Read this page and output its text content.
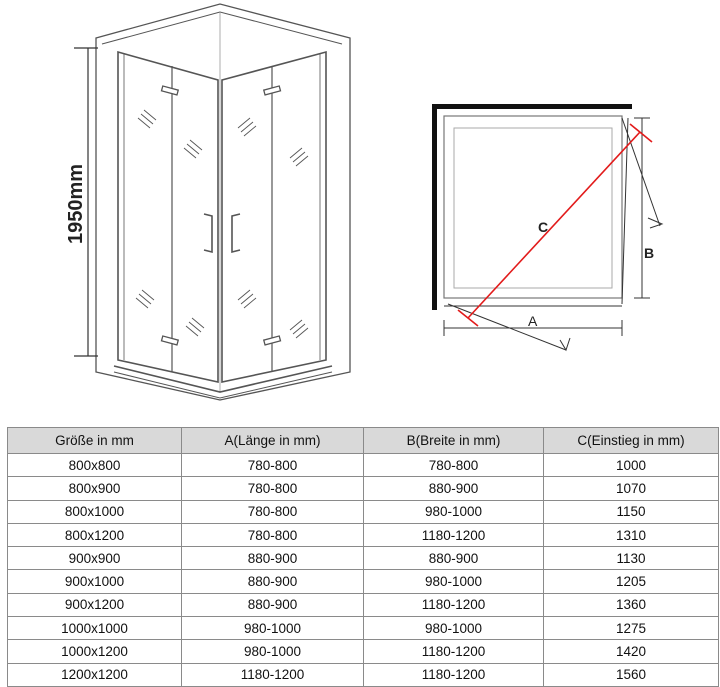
1950mm
A
B
C
Größe in mm	A(Länge in mm)	B(Breite in mm)	C(Einstieg in mm)
800x800	780-800	780-800	1000
800x900	780-800	880-900	1070
800x1000	780-800	980-1000	1150
800x1200	780-800	1180-1200	1310
900x900	880-900	880-900	1130
900x1000	880-900	980-1000	1205
900x1200	880-900	1180-1200	1360
1000x1000	980-1000	980-1000	1275
1000x1200	980-1000	1180-1200	1420
1200x1200	1180-1200	1180-1200	1560
